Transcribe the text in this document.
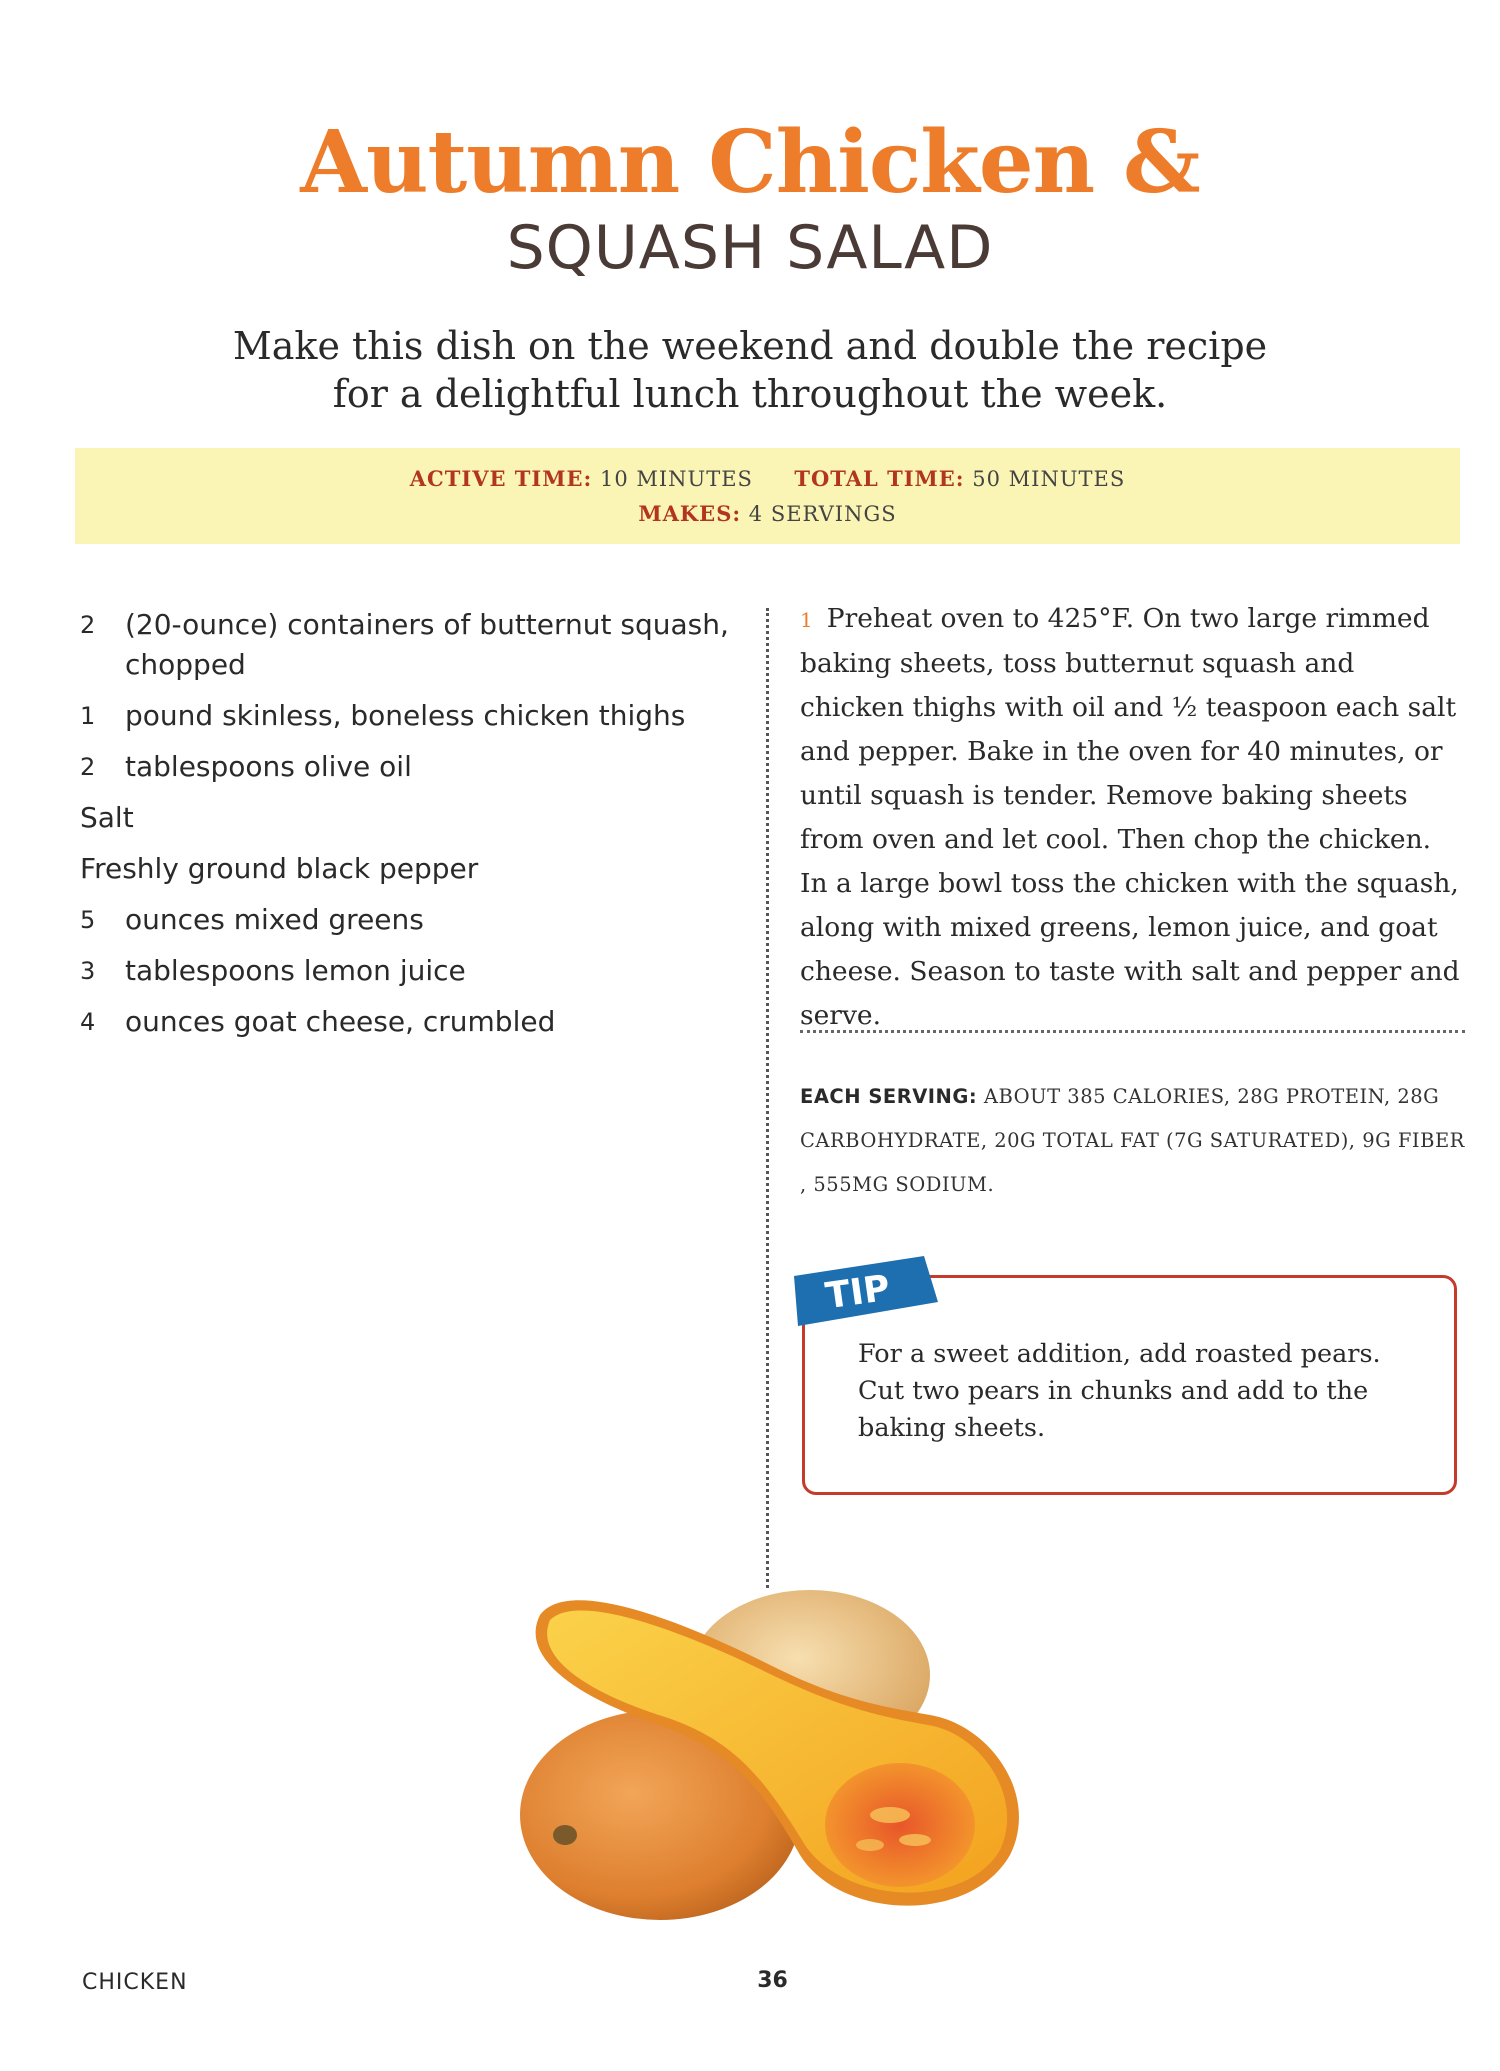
Autumn Chicken &
SQUASH SALAD
Make this dish on the weekend and double the recipe
for a delightful lunch throughout the week.
ACTIVE TIME: 10 MINUTES TOTAL TIME: 50 MINUTES
MAKES: 4 SERVINGS
2 (20-ounce) containers of butternut squash, chopped
1 pound skinless, boneless chicken thighs
2 tablespoons olive oil
Salt
Freshly ground black pepper
5 ounces mixed greens
3 tablespoons lemon juice
4 ounces goat cheese, crumbled
1 Preheat oven to 425°F. On two large rimmed baking sheets, toss butternut squash and chicken thighs with oil and ½ teaspoon each salt and pepper. Bake in the oven for 40 minutes, or until squash is tender. Remove baking sheets from oven and let cool. Then chop the chicken. In a large bowl toss the chicken with the squash, along with mixed greens, lemon juice, and goat cheese. Season to taste with salt and pepper and serve.
EACH SERVING: ABOUT 385 CALORIES, 28G PROTEIN, 28G CARBOHYDRATE, 20G TOTAL FAT (7G SATURATED), 9G FIBER , 555MG SODIUM.
TIP
For a sweet addition, add roasted pears. Cut two pears in chunks and add to the baking sheets.
CHICKEN	36
